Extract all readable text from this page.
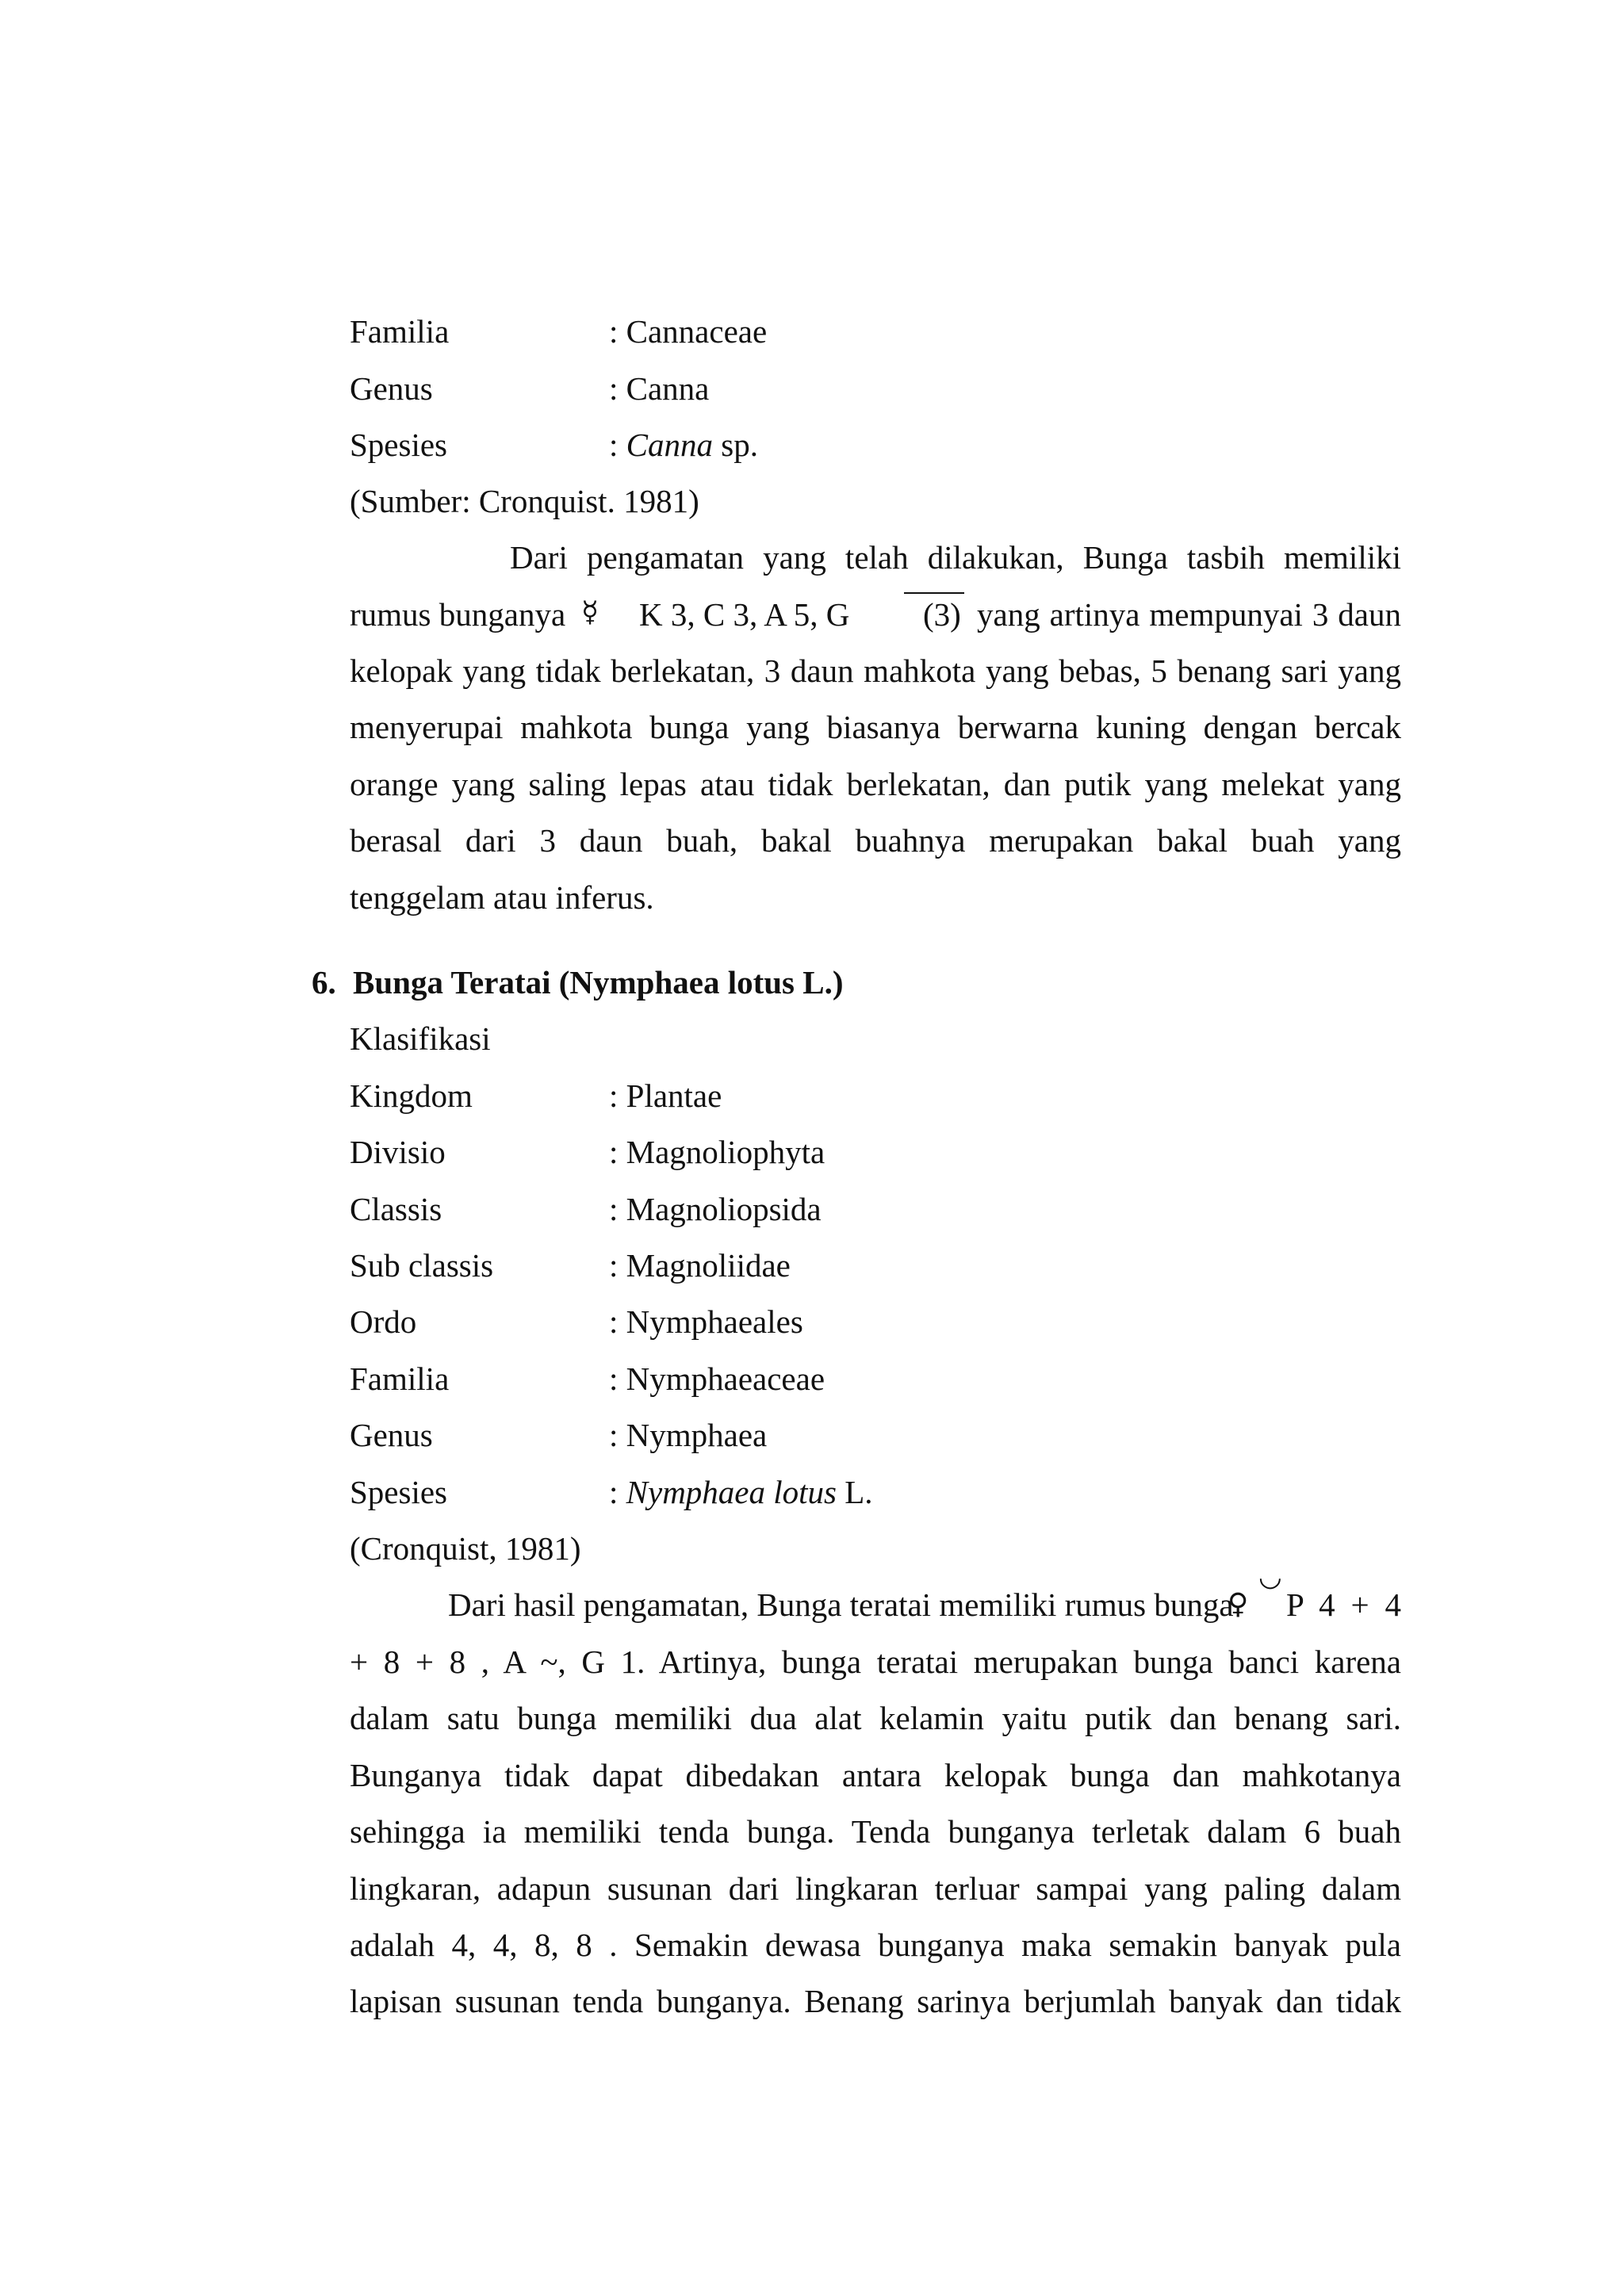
Familia	: Cannaceae
Genus	: Canna
Spesies	: Canna sp.
(Sumber: Cronquist. 1981)
Dari pengamatan yang telah dilakukan, Bunga tasbih memiliki
rumus bunganya ☿ K 3, C 3, A 5, G (3) yang artinya mempunyai 3 daun
kelopak yang tidak berlekatan, 3 daun mahkota yang bebas, 5 benang sari yang
menyerupai mahkota bunga yang biasanya berwarna kuning dengan bercak
orange yang saling lepas atau tidak berlekatan, dan putik yang melekat yang
berasal dari 3 daun buah, bakal buahnya merupakan bakal buah yang
tenggelam atau inferus.
6. Bunga Teratai (Nymphaea lotus L.)
Klasifikasi
Kingdom	: Plantae
Divisio	: Magnoliophyta
Classis	: Magnoliopsida
Sub classis	: Magnoliidae
Ordo	: Nymphaeales
Familia	: Nymphaeaceae
Genus	: Nymphaea
Spesies	: Nymphaea lotus L.
(Cronquist, 1981)
Dari hasil pengamatan, Bunga teratai memiliki rumus bunga
♀
◡
P 4 + 4
+ 8 + 8 , A ~, G 1. Artinya, bunga teratai merupakan bunga banci karena
dalam satu bunga memiliki dua alat kelamin yaitu putik dan benang sari.
Bunganya tidak dapat dibedakan antara kelopak bunga dan mahkotanya
sehingga ia memiliki tenda bunga. Tenda bunganya terletak dalam 6 buah
lingkaran, adapun susunan dari lingkaran terluar sampai yang paling dalam
adalah 4, 4, 8, 8 . Semakin dewasa bunganya maka semakin banyak pula
lapisan susunan tenda bunganya. Benang sarinya berjumlah banyak dan tidak
